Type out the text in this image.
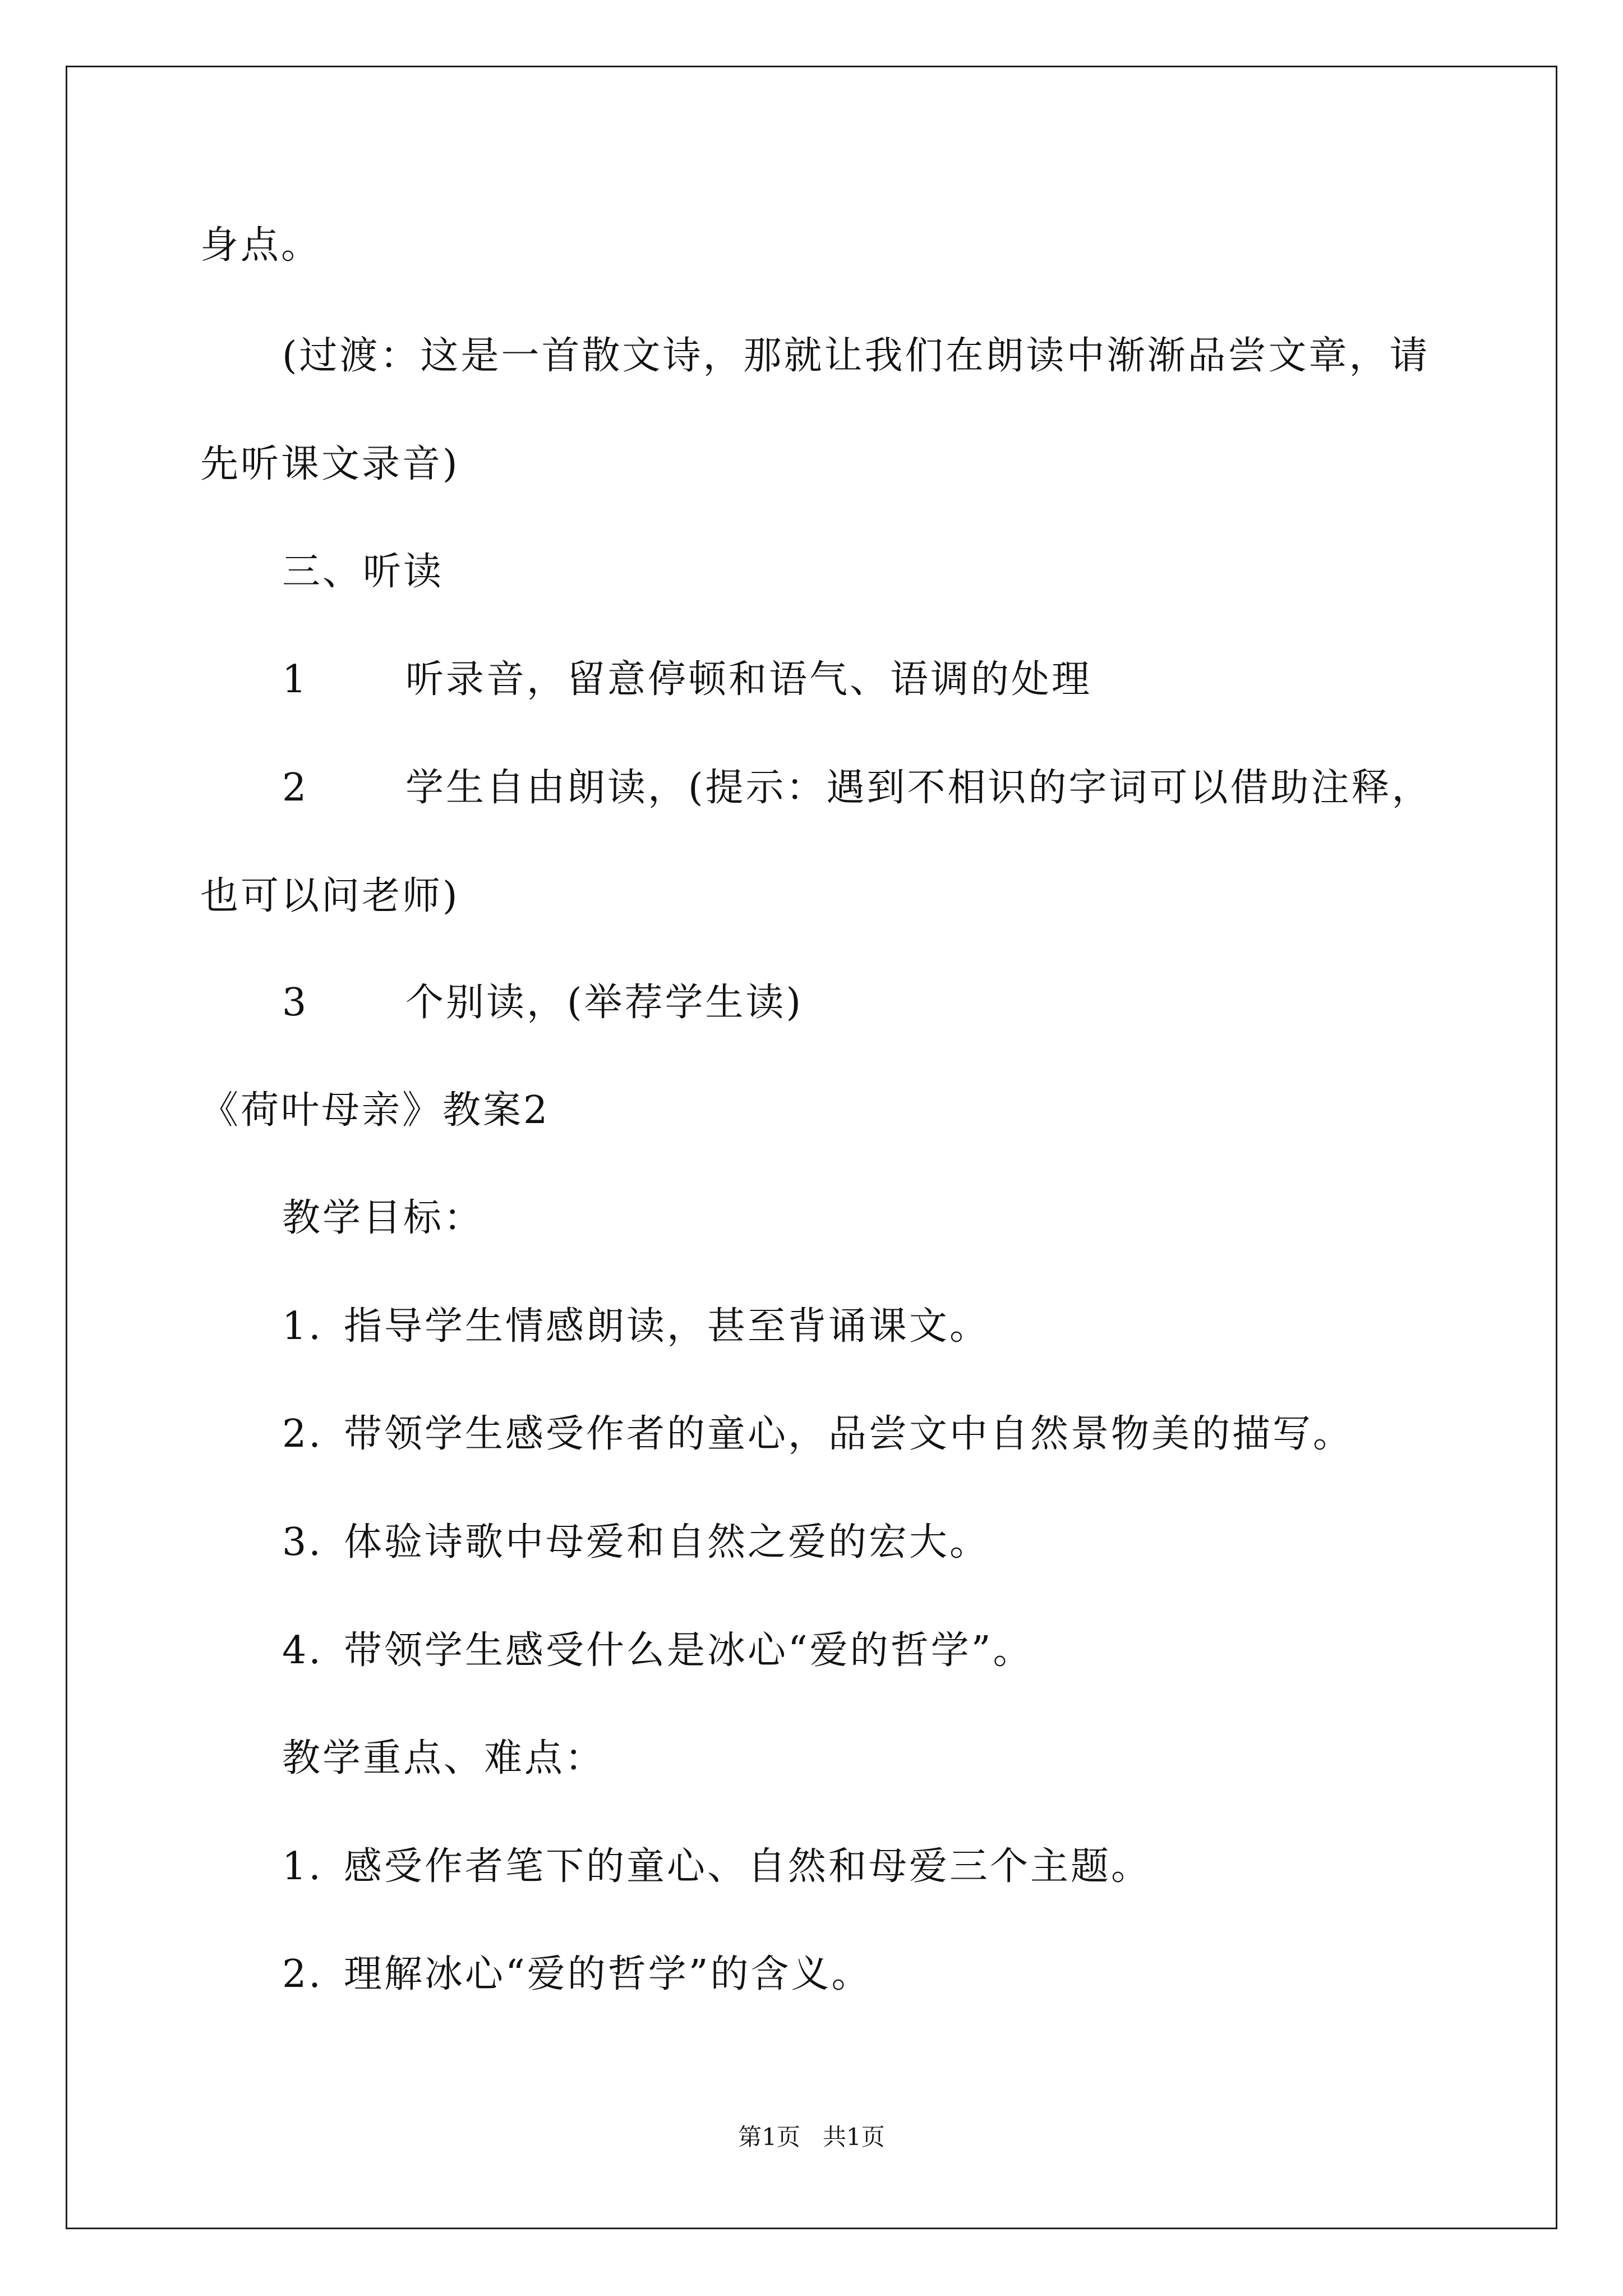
身点。
(过渡：这是一首散文诗，那就让我们在朗读中渐渐品尝文章，请
先听课文录音)
三、听读
1	听录音，留意停顿和语气、语调的处理
2	学生自由朗读，(提示：遇到不相识的字词可以借助注释，
也可以问老师)
3	个别读，(举荐学生读)
《荷叶母亲》教案2
教学目标：
1. 指导学生情感朗读，甚至背诵课文。
2. 带领学生感受作者的童心，品尝文中自然景物美的描写。
3. 体验诗歌中母爱和自然之爱的宏大。
4. 带领学生感受什么是冰心“爱的哲学”。
教学重点、难点：
1. 感受作者笔下的童心、自然和母爱三个主题。
2. 理解冰心“爱的哲学”的含义。
第1页 共1页
